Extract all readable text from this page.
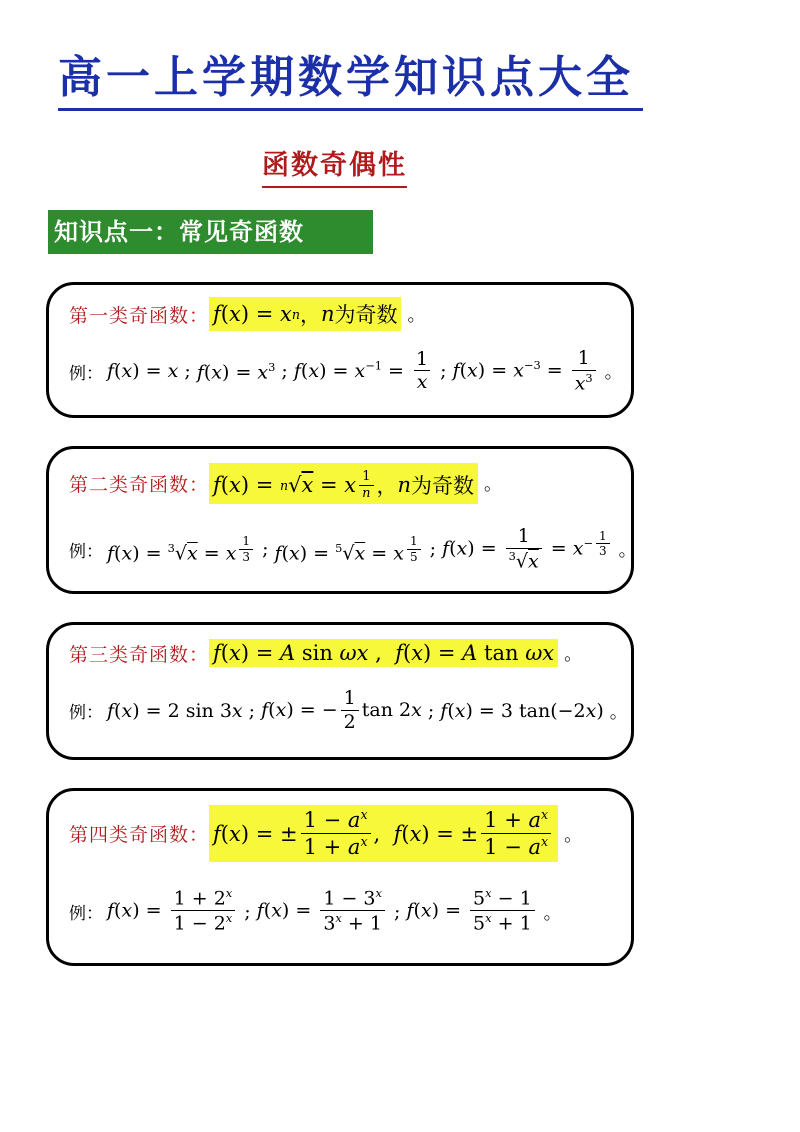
高一上学期数学知识点大全
函数奇偶性
知识点一：常见奇函数
第一类奇函数： f ( x ) = x n ， n 为奇数 。
例： f(x) = x ; $f(x) = x^3$ ; $f(x) = x^{-1} = \frac{1}{x}$ ; $f(x) = x^{-3} = \frac{1}{x^3}$ 。
第二类奇函数： f ( x ) = n √ x = x $\frac{1}{n}$ ， n 为奇数 。
例： f(x) = $^3$√x = x $^{\frac{1}{3}}$ ; f(x) = $^5$√x = x $^{\frac{1}{5}}$ ; $f(x) = \frac{1}{^3√x} = x^{- \frac{1}{3}}$ 。
第三类奇函数： f ( x ) = A sin ωx , f ( x ) = A tan ωx 。
例： f(x) = 2 sin 3x ; f(x) = − $\frac{1}{2}$ tan 2x ; f(x) = 3 tan(−2x) 。
第四类奇函数： f ( x ) = ± $\frac{1 - a^x}{1 + a^x}$ , f ( x ) = ± $\frac{1 + a^x}{1 - a^x}$ 。
例： $f(x) = \frac{1 + 2^x}{1 - 2^x}$ ; $f(x) = \frac{1 - 3^x}{3^x + 1}$ ; $f(x) = \frac{5^x - 1}{5^x + 1}$ 。
